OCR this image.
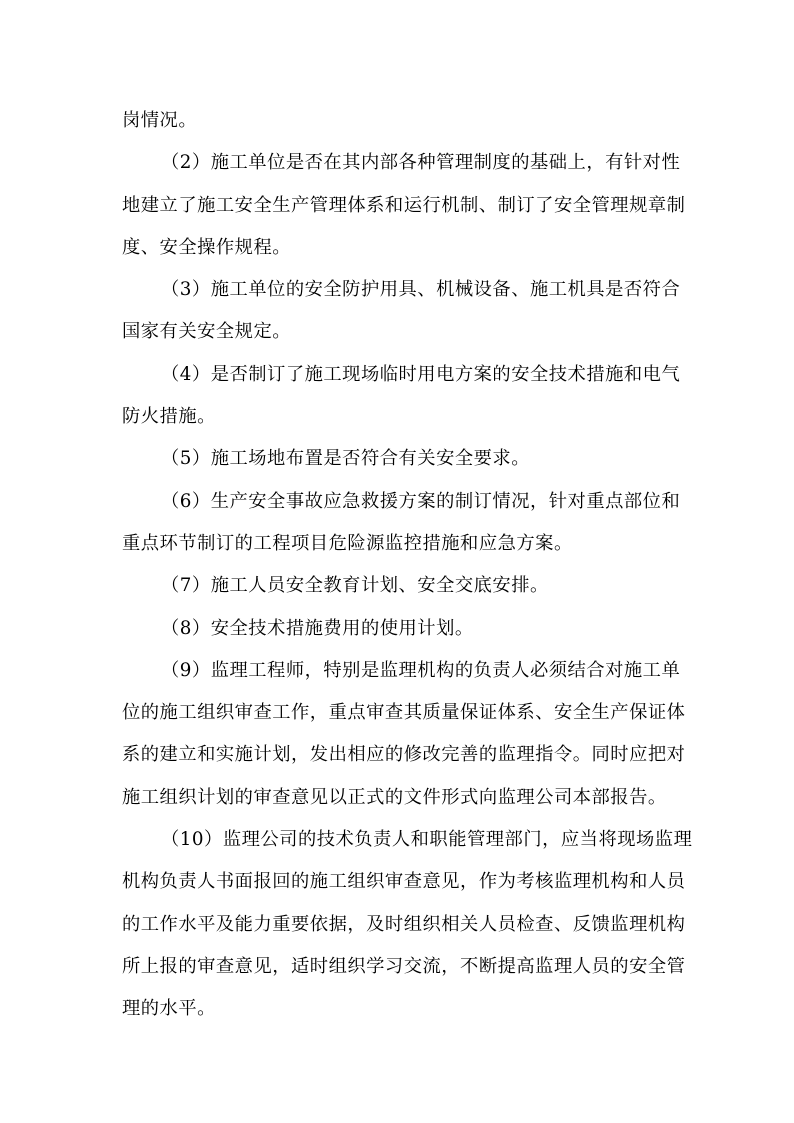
岗情况。
（2）施工单位是否在其内部各种管理制度的基础上，有针对性
地建立了施工安全生产管理体系和运行机制、制订了安全管理规章制
度、安全操作规程。
（3）施工单位的安全防护用具、机械设备、施工机具是否符合
国家有关安全规定。
（4）是否制订了施工现场临时用电方案的安全技术措施和电气
防火措施。
（5）施工场地布置是否符合有关安全要求。
（6）生产安全事故应急救援方案的制订情况，针对重点部位和
重点环节制订的工程项目危险源监控措施和应急方案。
（7）施工人员安全教育计划、安全交底安排。
（8）安全技术措施费用的使用计划。
（9）监理工程师，特别是监理机构的负责人必须结合对施工单
位的施工组织审查工作，重点审查其质量保证体系、安全生产保证体
系的建立和实施计划，发出相应的修改完善的监理指令。同时应把对
施工组织计划的审查意见以正式的文件形式向监理公司本部报告。
（10）监理公司的技术负责人和职能管理部门，应当将现场监理
机构负责人书面报回的施工组织审查意见，作为考核监理机构和人员
的工作水平及能力重要依据，及时组织相关人员检查、反馈监理机构
所上报的审查意见，适时组织学习交流，不断提高监理人员的安全管
理的水平。
